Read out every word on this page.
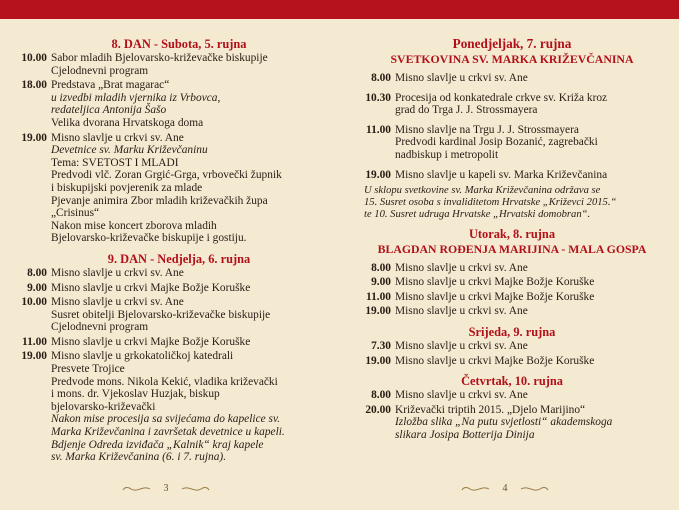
8. DAN - Subota, 5. rujna
10.00 Sabor mladih Bjelovarsko-križevačke biskupije
Cjelodnevni program
18.00 Predstava „Brat magarac“
u izvedbi mladih vjernika iz Vrbovca,
redateljica Antonija Šašo
Velika dvorana Hrvatskoga doma
19.00 Misno slavlje u crkvi sv. Ane
Devetnice sv. Marku Križevčaninu
Tema: SVETOST I MLADI
Predvodi vlč. Zoran Grgić-Grga, vrbovečki župnik
i biskupijski povjerenik za mlade
Pjevanje animira Zbor mladih križevačkih župa
„Crisinus“
Nakon mise koncert zborova mladih
Bjelovarsko-križevačke biskupije i gostiju.
9. DAN - Nedjelja, 6. rujna
8.00 Misno slavlje u crkvi sv. Ane
9.00 Misno slavlje u crkvi Majke Božje Koruške
10.00 Misno slavlje u crkvi sv. Ane
Susret obitelji Bjelovarsko-križevačke biskupije
Cjelodnevni program
11.00 Misno slavlje u crkvi Majke Božje Koruške
19.00 Misno slavlje u grkokatoličkoj katedrali
Presvete Trojice
Predvode mons. Nikola Kekić, vladika križevački
i mons. dr. Vjekoslav Huzjak, biskup
bjelovarsko-križevački
Nakon mise procesija sa svijećama do kapelice sv.
Marka Križevčanina i završetak devetnice u kapeli.
Bdjenje Odreda izviđača „Kalnik“ kraj kapele
sv. Marka Križevčanina (6. i 7. rujna).
Ponedjeljak, 7. rujna
SVETKOVINA SV. MARKA KRIŽEVČANINA
8.00 Misno slavlje u crkvi sv. Ane
10.30 Procesija od konkatedrale crkve sv. Križa kroz
grad do Trga J. J. Strossmayera
11.00 Misno slavlje na Trgu J. J. Strossmayera
Predvodi kardinal Josip Bozanić, zagrebački
nadbiskup i metropolit
19.00 Misno slavlje u kapeli sv. Marka Križevčanina
U sklopu svetkovine sv. Marka Križevčanina održava se
15. Susret osoba s invaliditetom Hrvatske „Križevci 2015.“
te 10. Susret udruga Hrvatske „Hrvatski domobran“.
Utorak, 8. rujna
BLAGDAN ROĐENJA MARIJINA - MALA GOSPA
8.00 Misno slavlje u crkvi sv. Ane
9.00 Misno slavlje u crkvi Majke Božje Koruške
11.00 Misno slavlje u crkvi Majke Božje Koruške
19.00 Misno slavlje u crkvi sv. Ane
Srijeda, 9. rujna
7.30 Misno slavlje u crkvi sv. Ane
19.00 Misno slavlje u crkvi Majke Božje Koruške
Četvrtak, 10. rujna
8.00 Misno slavlje u crkvi sv. Ane
20.00 Križevački triptih 2015. „Djelo Marijino“
Izložba slika „Na putu svjetlosti“ akademskoga
slikara Josipa Botterija Dinija
3	4
